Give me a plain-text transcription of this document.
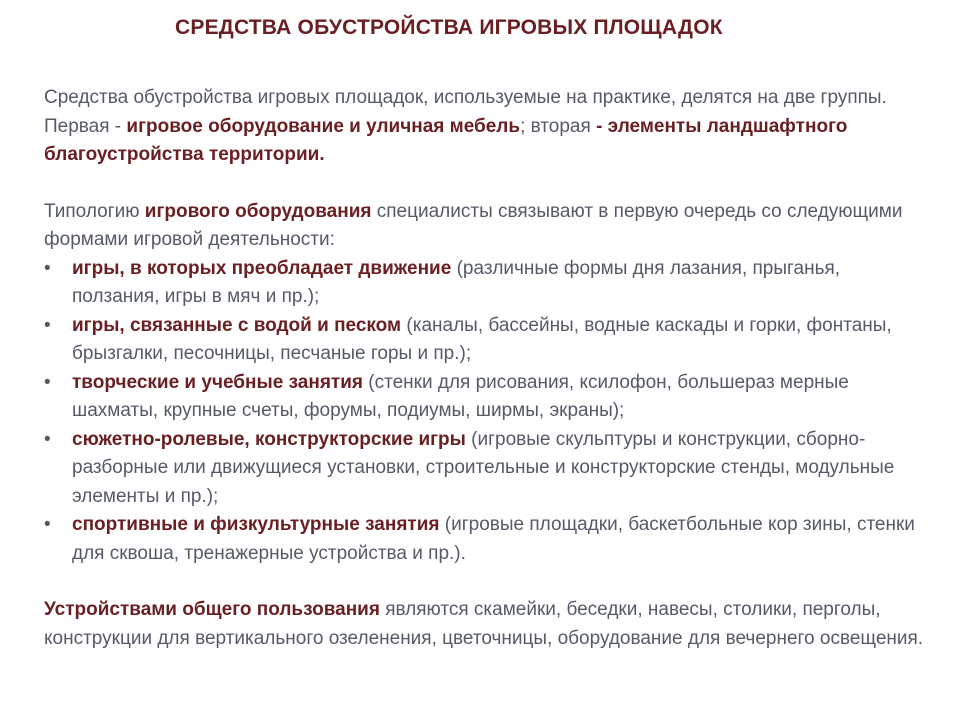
СРЕДСТВА ОБУСТРОЙСТВА ИГРОВЫХ ПЛОЩАДОК

Средства обустройства игровых площадок, используемые на практике, делятся на две группы. Первая - игровое оборудование и уличная мебель; вторая - элементы ландшафтного благоустройства территории.

Типологию игрового оборудования специалисты связывают в первую очередь со следующими формами игровой деятельности:

• игры, в которых преобладает движение (различные формы дня лазания, прыганья, ползания, игры в мяч и пр.);
• игры, связанные с водой и песком (каналы, бассейны, водные каскады и горки, фонтаны, брызгалки, песочницы, песчаные горы и пр.);
• творческие и учебные занятия (стенки для рисования, ксилофон, большераз мерные шахматы, крупные счеты, форумы, подиумы, ширмы, экраны);
• сюжетно-ролевые, конструкторские игры (игровые скульптуры и конструкции, сборно-разборные или движущиеся установки, строительные и конструкторские стенды, модульные элементы и пр.);
• спортивные и физкультурные занятия (игровые площадки, баскетбольные кор зины, стенки для сквоша, тренажерные устройства и пр.).

Устройствами общего пользования являются скамейки, беседки, навесы, столики, перголы, конструкции для вертикального озеленения, цветочницы, оборудование для вечернего освещения.
